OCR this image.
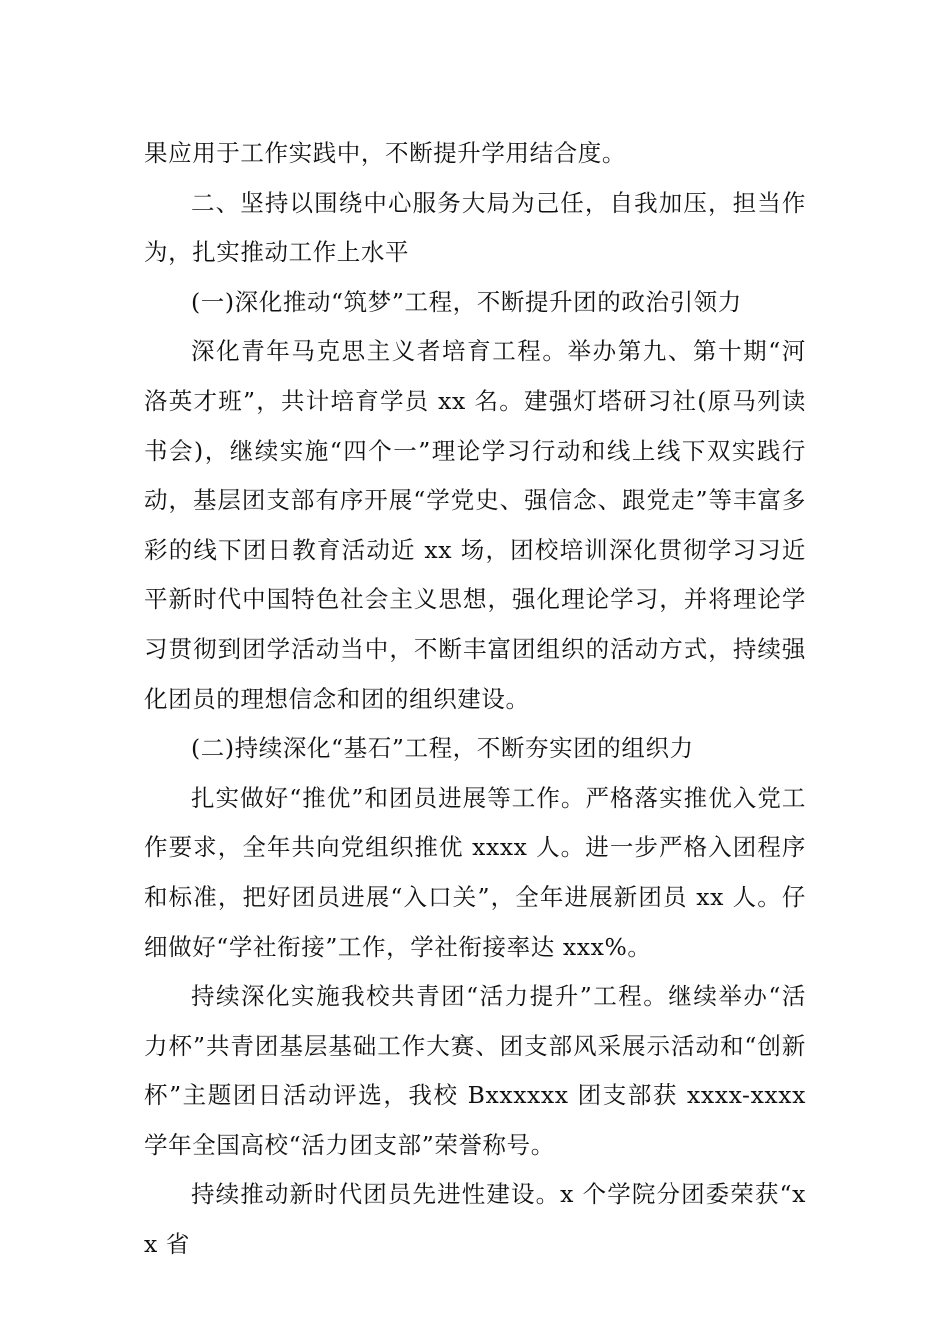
果应用于工作实践中，不断提升学用结合度。

二、坚持以围绕中心服务大局为己任，自我加压，担当作为，扎实推动工作上水平

(一)深化推动“筑梦”工程，不断提升团的政治引领力

深化青年马克思主义者培育工程。举办第九、第十期“河洛英才班”，共计培育学员 xx 名。建强灯塔研习社(原马列读书会)，继续实施“四个一”理论学习行动和线上线下双实践行动，基层团支部有序开展“学党史、强信念、跟党走”等丰富多彩的线下团日教育活动近 xx 场，团校培训深化贯彻学习习近平新时代中国特色社会主义思想，强化理论学习，并将理论学习贯彻到团学活动当中，不断丰富团组织的活动方式，持续强化团员的理想信念和团的组织建设。

(二)持续深化“基石”工程，不断夯实团的组织力

扎实做好“推优”和团员进展等工作。严格落实推优入党工作要求，全年共向党组织推优 xxxx 人。进一步严格入团程序和标准，把好团员进展“入口关”，全年进展新团员 xx 人。仔细做好“学社衔接”工作，学社衔接率达 xxx%。

持续深化实施我校共青团“活力提升”工程。继续举办“活力杯”共青团基层基础工作大赛、团支部风采展示活动和“创新杯”主题团日活动评选，我校 Bxxxxxx 团支部获 xxxx-xxxx 学年全国高校“活力团支部”荣誉称号。

持续推动新时代团员先进性建设。x 个学院分团委荣获“xx 省
